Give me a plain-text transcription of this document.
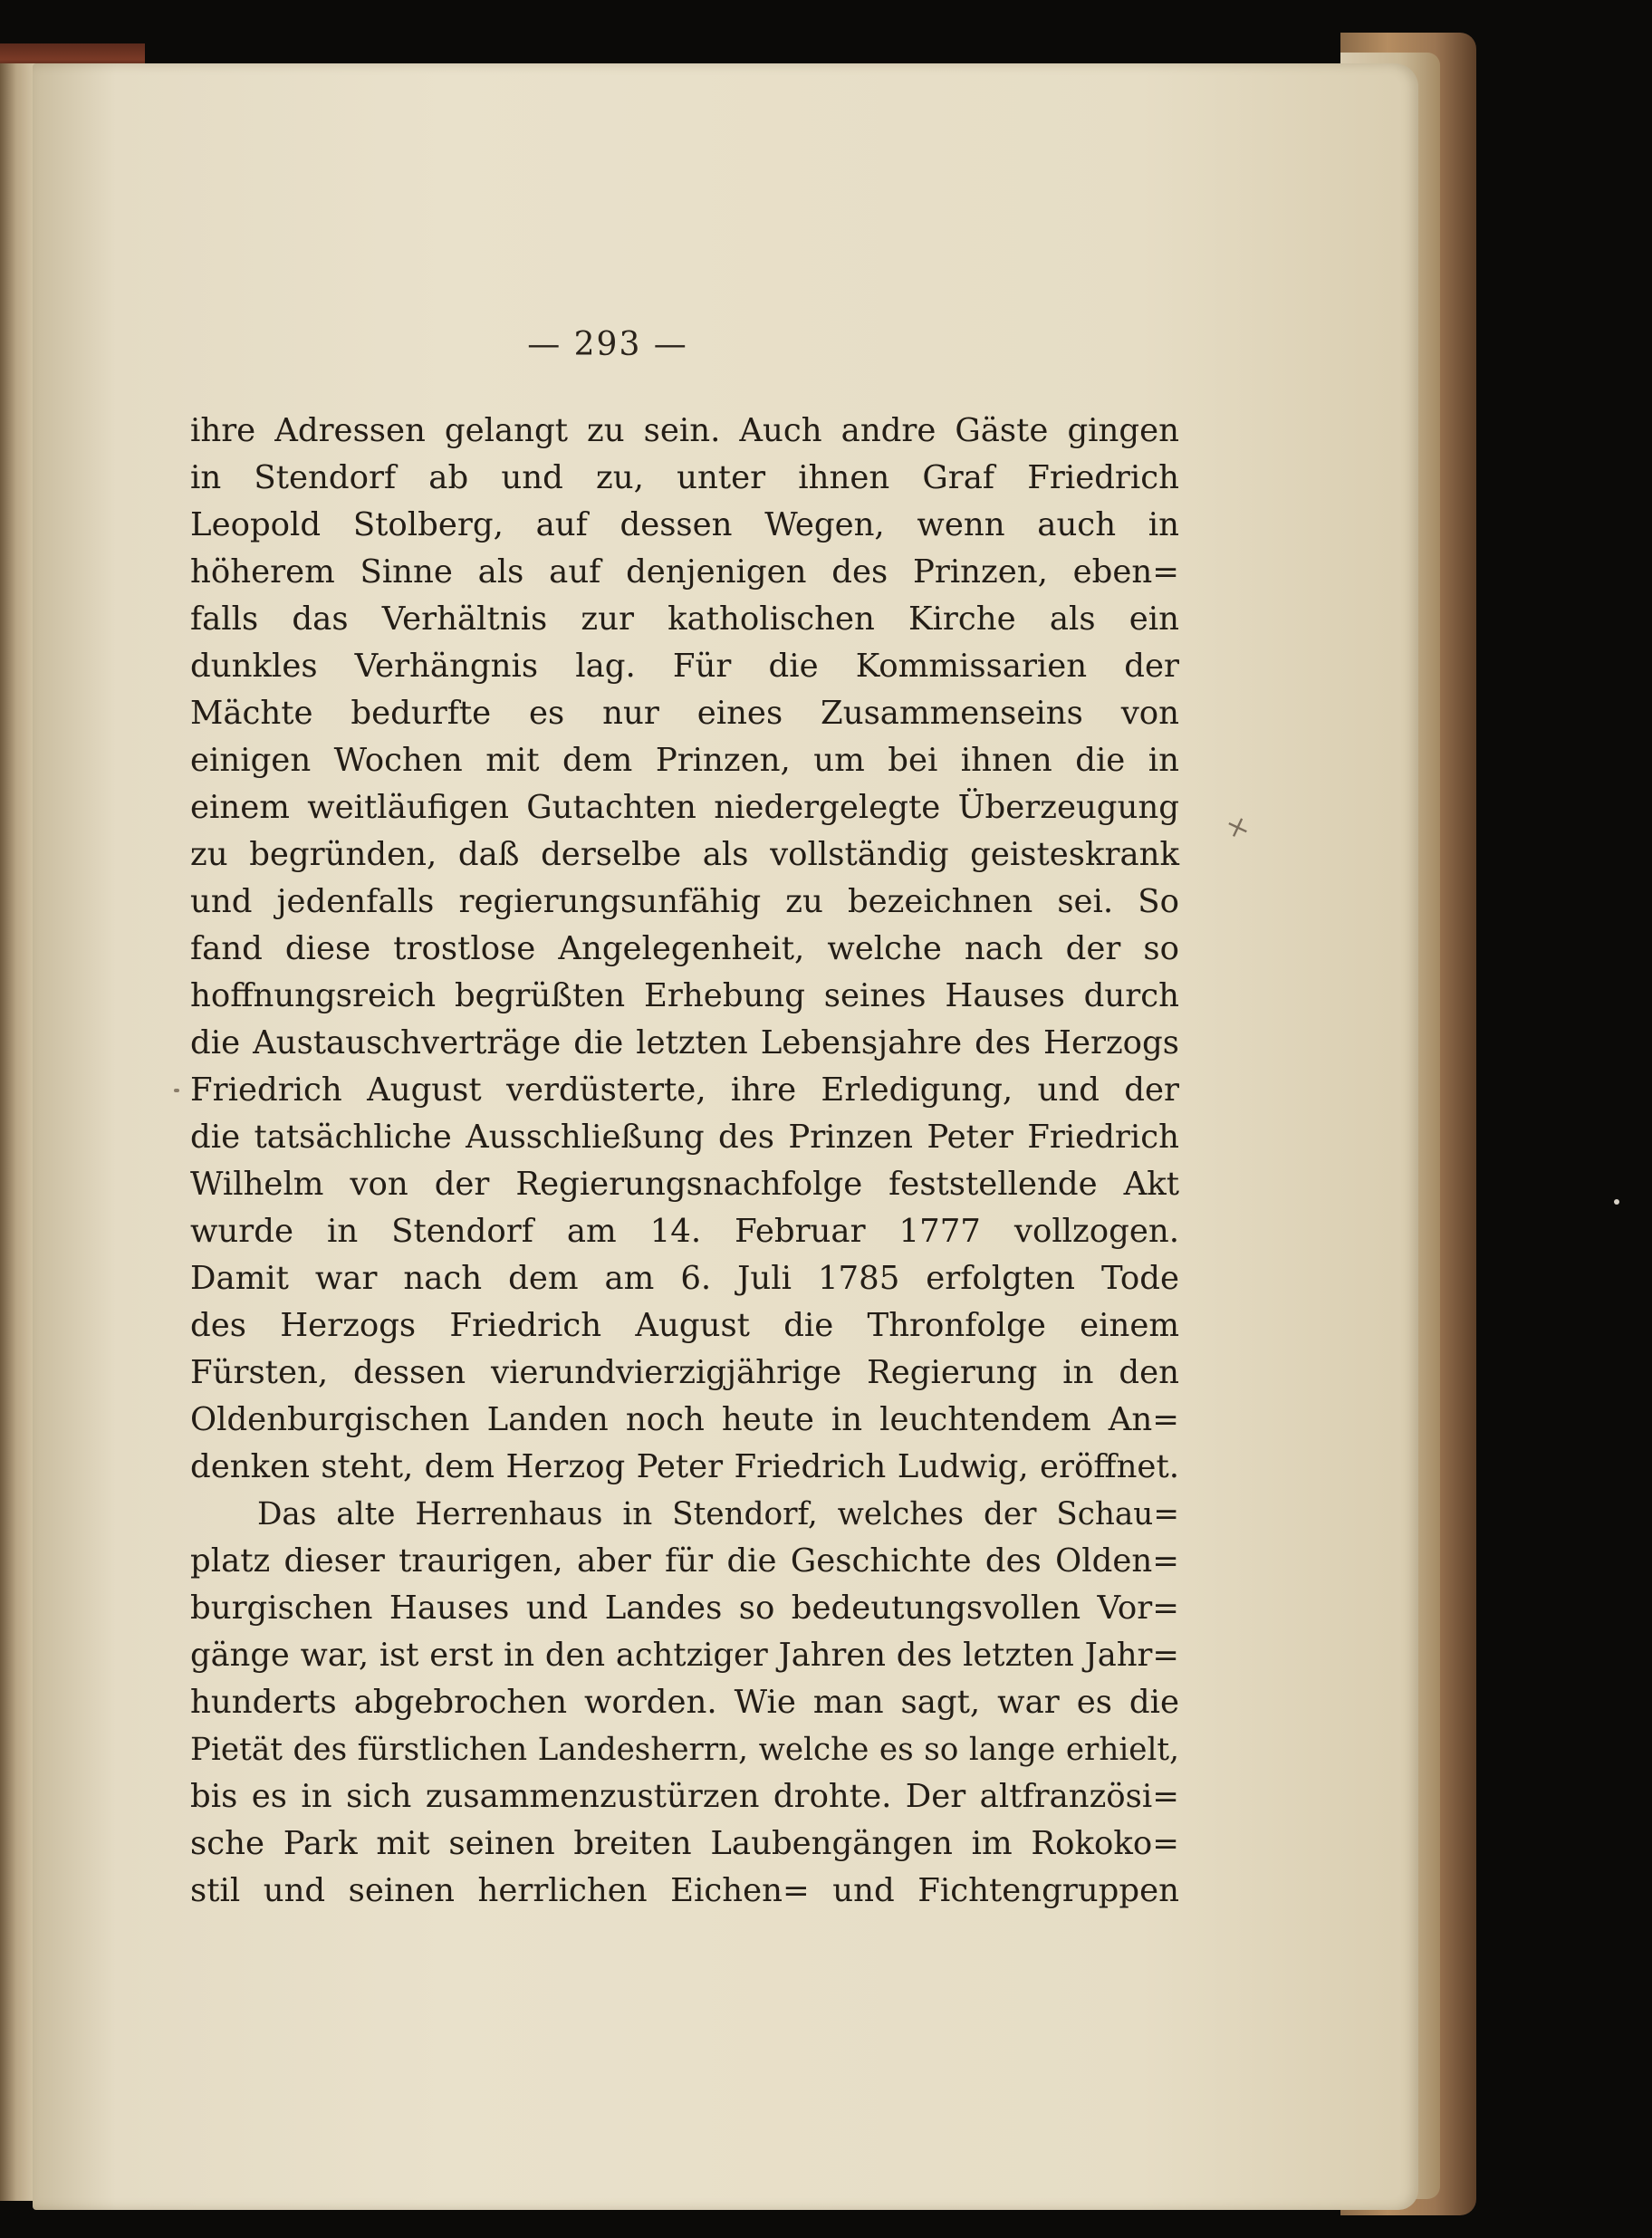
— 293 —
ihre Adressen gelangt zu sein. Auch andre Gäste gingen
in Stendorf ab und zu, unter ihnen Graf Friedrich
Leopold Stolberg, auf dessen Wegen, wenn auch in
höherem Sinne als auf denjenigen des Prinzen, eben=
falls das Verhältnis zur katholischen Kirche als ein
dunkles Verhängnis lag. Für die Kommissarien der
Mächte bedurfte es nur eines Zusammenseins von
einigen Wochen mit dem Prinzen, um bei ihnen die in
einem weitläufigen Gutachten niedergelegte Überzeugung
zu begründen, daß derselbe als vollständig geisteskrank
und jedenfalls regierungsunfähig zu bezeichnen sei. So
fand diese trostlose Angelegenheit, welche nach der so
hoffnungsreich begrüßten Erhebung seines Hauses durch
die Austauschverträge die letzten Lebensjahre des Herzogs
Friedrich August verdüsterte, ihre Erledigung, und der
die tatsächliche Ausschließung des Prinzen Peter Friedrich
Wilhelm von der Regierungsnachfolge feststellende Akt
wurde in Stendorf am 14. Februar 1777 vollzogen.
Damit war nach dem am 6. Juli 1785 erfolgten Tode
des Herzogs Friedrich August die Thronfolge einem
Fürsten, dessen vierundvierzigjährige Regierung in den
Oldenburgischen Landen noch heute in leuchtendem An=
denken steht, dem Herzog Peter Friedrich Ludwig, eröffnet.
Das alte Herrenhaus in Stendorf, welches der Schau=
platz dieser traurigen, aber für die Geschichte des Olden=
burgischen Hauses und Landes so bedeutungsvollen Vor=
gänge war, ist erst in den achtziger Jahren des letzten Jahr=
hunderts abgebrochen worden. Wie man sagt, war es die
Pietät des fürstlichen Landesherrn, welche es so lange erhielt,
bis es in sich zusammenzustürzen drohte. Der altfranzösi=
sche Park mit seinen breiten Laubengängen im Rokoko=
stil und seinen herrlichen Eichen= und Fichtengruppen
×
